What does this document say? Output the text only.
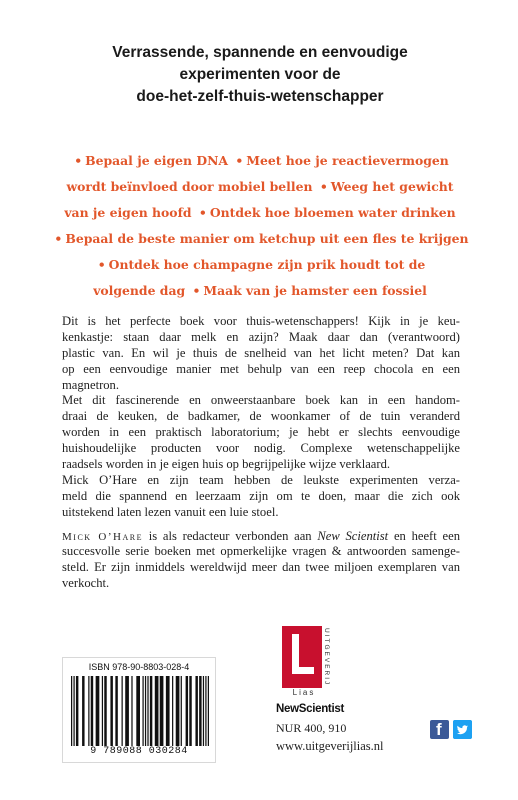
Verrassende, spannende en eenvoudige
experimenten voor de
doe-het-zelf-thuis-wetenschapper
• Bepaal je eigen DNA • Meet hoe je reactievermogen
wordt beïnvloed door mobiel bellen • Weeg het gewicht
van je eigen hoofd • Ontdek hoe bloemen water drinken
• Bepaal de beste manier om ketchup uit een fles te krijgen
• Ontdek hoe champagne zijn prik houdt tot de
volgende dag • Maak van je hamster een fossiel
Dit is het perfecte boek voor thuis-wetenschappers! Kijk in je keu-
kenkastje: staan daar melk en azijn? Maak daar dan (verantwoord)
plastic van. En wil je thuis de snelheid van het licht meten? Dat kan
op een eenvoudige manier met behulp van een reep chocola en een
magnetron.
Met dit fascinerende en onweerstaanbare boek kan in een handom-
draai de keuken, de badkamer, de woonkamer of de tuin veranderd
worden in een praktisch laboratorium; je hebt er slechts eenvoudige
huishoudelijke producten voor nodig. Complexe wetenschappelijke
raadsels worden in je eigen huis op begrijpelijke wijze verklaard.
Mick O’Hare en zijn team hebben de leukste experimenten verza-
meld die spannend en leerzaam zijn om te doen, maar die zich ook
uitstekend laten lezen vanuit een luie stoel.
Mick O’Hare is als redacteur verbonden aan New Scientist en heeft een
succesvolle serie boeken met opmerkelijke vragen & antwoorden samenge-
steld. Er zijn inmiddels wereldwijd meer dan twee miljoen exemplaren van
verkocht.
ISBN 978-90-8803-028-4
9 789088 030284
UITGEVERIJ
Lias
NewScientist
NUR 400, 910
www.uitgeverijlias.nl
f
